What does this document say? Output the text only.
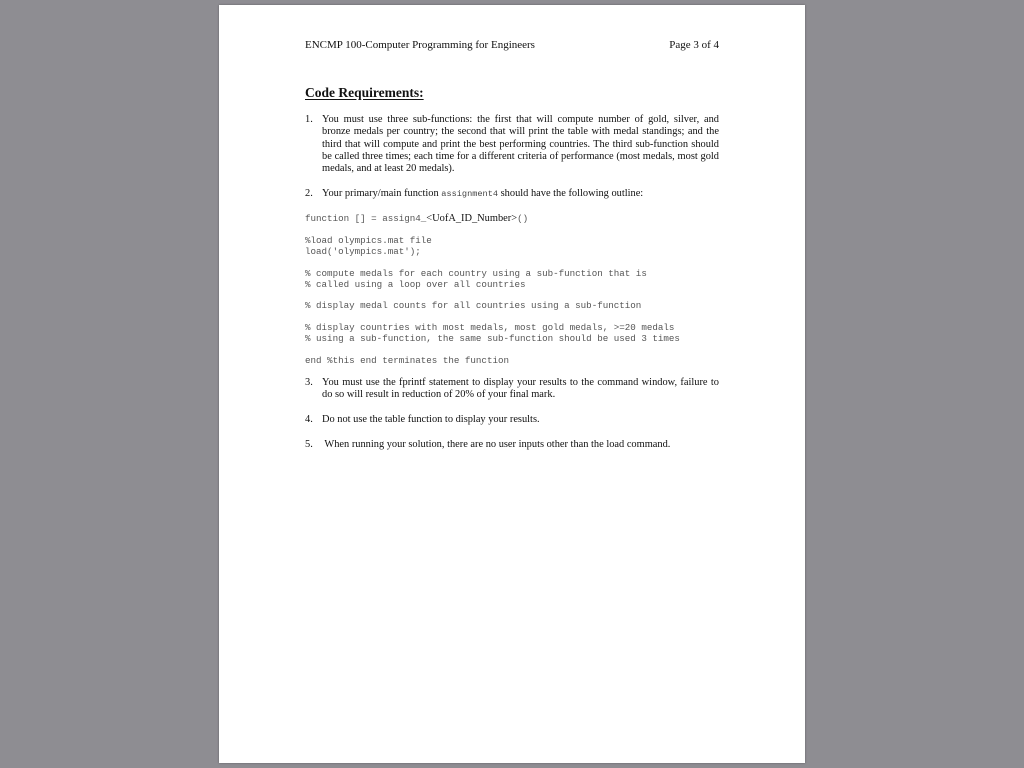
ENCMP 100-Computer Programming for Engineers	Page 3 of 4
Code Requirements:
1. You must use three sub-functions: the first that will compute number of gold, silver, and bronze medals per country; the second that will print the table with medal standings; and the third that will compute and print the best performing countries. The third sub-function should be called three times; each time for a different criteria of performance (most medals, most gold medals, and at least 20 medals).
2. Your primary/main function assignment4 should have the following outline:
function [] = assign4_<UofA_ID_Number>()
%load olympics.mat file
load('olympics.mat');
% compute medals for each country using a sub-function that is
% called using a loop over all countries
% display medal counts for all countries using a sub-function
% display countries with most medals, most gold medals, >=20 medals
% using a sub-function, the same sub-function should be used 3 times
end %this end terminates the function
3. You must use the fprintf statement to display your results to the command window, failure to do so will result in reduction of 20% of your final mark.
4. Do not use the table function to display your results.
5. When running your solution, there are no user inputs other than the load command.
